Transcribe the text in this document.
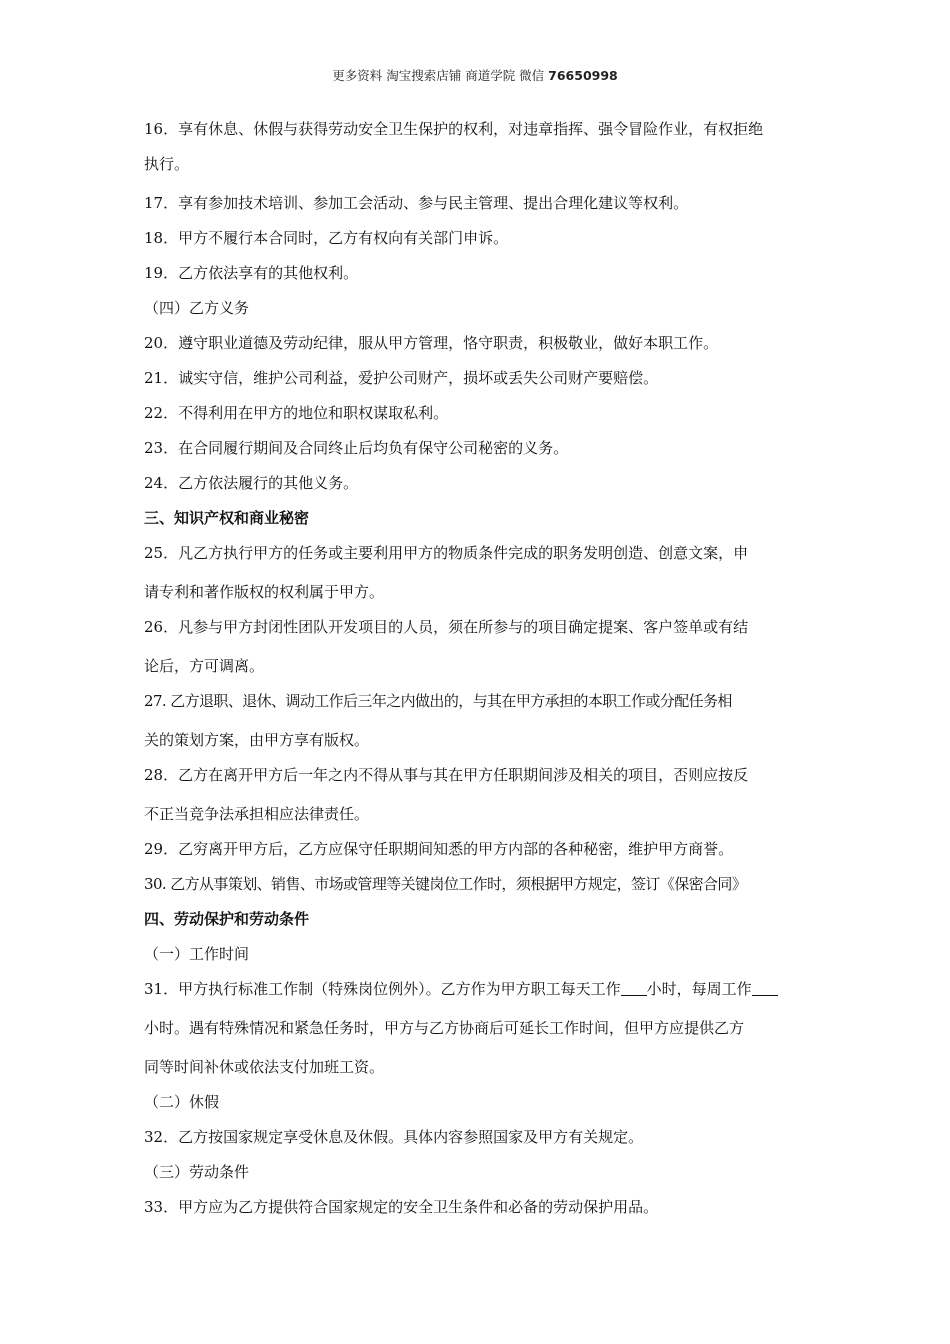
更多资料 淘宝搜索店铺 商道学院 微信 76650998
16．享有休息、休假与获得劳动安全卫生保护的权利，对违章指挥、强令冒险作业，有权拒绝
执行。
17．享有参加技术培训、参加工会活动、参与民主管理、提出合理化建议等权利。
18．甲方不履行本合同时，乙方有权向有关部门申诉。
19．乙方依法享有的其他权利。
（四）乙方义务
20．遵守职业道德及劳动纪律，服从甲方管理，恪守职责，积极敬业，做好本职工作。
21．诚实守信，维护公司利益，爱护公司财产，损坏或丢失公司财产要赔偿。
22．不得利用在甲方的地位和职权谋取私利。
23．在合同履行期间及合同终止后均负有保守公司秘密的义务。
24．乙方依法履行的其他义务。
三、知识产权和商业秘密
25．凡乙方执行甲方的任务或主要利用甲方的物质条件完成的职务发明创造、创意文案，申
请专利和著作版权的权利属于甲方。
26．凡参与甲方封闭性团队开发项目的人员，须在所参与的项目确定提案、客户签单或有结
论后，方可调离。
27. 乙方退职、退休、调动工作后三年之内做出的，与其在甲方承担的本职工作或分配任务相
关的策划方案，由甲方享有版权。
28．乙方在离开甲方后一年之内不得从事与其在甲方任职期间涉及相关的项目，否则应按反
不正当竞争法承担相应法律责任。
29．乙穷离开甲方后，乙方应保守任职期间知悉的甲方内部的各种秘密，维护甲方商誉。
30. 乙方从事策划、销售、市场或管理等关键岗位工作时，须根据甲方规定，签订《保密合同》
四、劳动保护和劳动条件
（一）工作时间
31．甲方执行标准工作制（特殊岗位例外）。乙方作为甲方职工每天工作 小时，每周工作
小时。遇有特殊情况和紧急任务时，甲方与乙方协商后可延长工作时间，但甲方应提供乙方
同等时间补休或依法支付加班工资。
（二）休假
32．乙方按国家规定享受休息及休假。具体内容参照国家及甲方有关规定。
（三）劳动条件
33．甲方应为乙方提供符合国家规定的安全卫生条件和必备的劳动保护用品。
